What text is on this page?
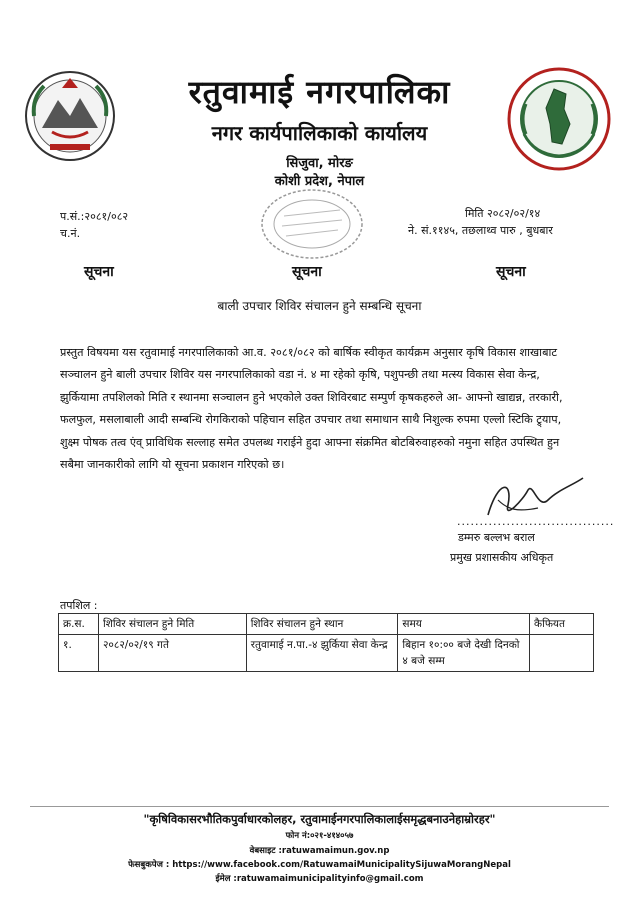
रतुवामाई नगरपालिका
नगर कार्यपालिकाको कार्यालय
सिजुवा, मोरङ
कोशी प्रदेश, नेपाल
प.सं.:२०८१/०८२
च.नं.
मिति २०८२/०२/१४
ने. सं.११४५, तछलाथ्व पारु , बुधबार
सूचना	सूचना	सूचना
बाली उपचार शिविर संचालन हुने सम्बन्धि सूचना
प्रस्तुत विषयमा यस रतुवामाई नगरपालिकाको आ.व. २०८१/०८२ को बार्षिक स्वीकृत कार्यक्रम अनुसार कृषि विकास शाखाबाट सञ्चालन हुने बाली उपचार शिविर यस नगरपालिकाको वडा नं. ४ मा रहेको कृषि, पशुपन्छी तथा मत्स्य विकास सेवा केन्द्र, झुर्कियामा तपशिलको मिति र स्थानमा सञ्चालन हुने भएकोले उक्त शिविरबाट सम्पुर्ण कृषकहरुले आ- आफ्नो खाद्यन्न, तरकारी, फलफुल, मसलाबाली आदी सम्बन्धि रोगकिराको पहिचान सहित उपचार तथा समाधान साथै निशुल्क रुपमा एल्लो स्टिकि ट्र्याप, शुक्ष्म पोषक तत्व एंव् प्राविधिक सल्लाह समेत उपलब्ध गराईने हुदा आफ्ना संक्रमित बोटबिरुवाहरुको नमुना सहित उपस्थित हुन सबैमा जानकारीको लागि यो सूचना प्रकाशन गरिएको छ।
...................................
डम्मरु बल्लभ बराल
प्रमुख प्रशासकीय अधिकृत
तपशिल :
क्र.स.	शिविर संचालन हुने मिति	शिविर संचालन हुने स्थान	समय	कैफियत
१.	२०८२/०२/१९ गते	रतुवामाई न.पा.-४ झुर्किया सेवा केन्द्र	बिहान १०:०० बजे देखी दिनको ४ बजे सम्म	
"कृषिविकासरभौतिकपुर्वाधारकोलहर, रतुवामाईनगरपालिकालाईसमृद्धबनाउनेहाम्रोरहर"
फोन नं:०२१-४१४०५७
वेबसाइट :ratuwamaimun.gov.np
फेसबुकपेज : https://www.facebook.com/RatuwamaiMunicipalitySijuwaMorangNepal
ईमेल :ratuwamaimunicipalityinfo@gmail.com
